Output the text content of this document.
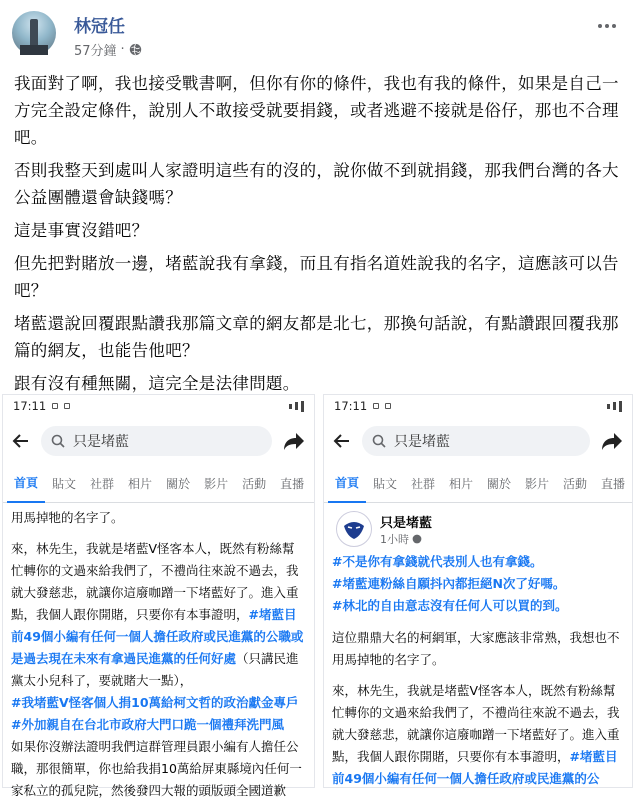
林冠任
57分鐘 ·

我面對了啊，我也接受戰書啊，但你有你的條件，我也有我的條件，如果是自己一方完全設定條件，說別人不敢接受就要捐錢，或者逃避不接就是俗仔，那也不合理吧。

否則我整天到處叫人家證明這些有的沒的，說你做不到就捐錢，那我們台灣的各大公益團體還會缺錢嗎？

這是事實沒錯吧？

但先把對賭放一邊，堵藍說我有拿錢，而且有指名道姓說我的名字，這應該可以告吧？

堵藍還說回覆跟點讚我那篇文章的網友都是北七，那換句話說，有點讚跟回覆我那篇的網友，也能告他吧？

跟有沒有種無關，這完全是法律問題。

17:11
只是堵藍
首頁	貼文	社群	相片	關於	影片	活動	直播

用馬掉牠的名字了。

來，林先生，我就是堵藍V怪客本人，既然有粉絲幫忙轉你的文過來給我們了，不禮尚往來說不過去，我就大發慈悲，就讓你這廢咖蹭一下堵藍好了。進入重點，我個人跟你開賭，只要你有本事證明，#堵藍目前49個小編有任何一個人擔任政府或民進黨的公職或是過去現在未來有拿過民進黨的任何好處（只講民進黨太小兒科了，要就賭大一點），
#我堵藍V怪客個人捐10萬給柯文哲的政治獻金專戶
#外加親自在台北市政府大門口跪一個禮拜洗門風
如果你沒辦法證明我們這群管理員跟小編有人擔任公職，那很簡單，你也給我捐10萬給屏東縣境內任何一家私立的孤兒院，然後發四大報的頭版頭全國道歉

17:11
只是堵藍
首頁	貼文	社群	相片	關於	影片	活動	直播
只是堵藍
1小時

#不是你有拿錢就代表別人也有拿錢。
#堵藍連粉絲自願抖內都拒絕N次了好嗎。
#林北的自由意志沒有任何人可以買的到。

這位鼎鼎大名的柯網軍，大家應該非常熟，我想也不用馬掉牠的名字了。

來，林先生，我就是堵藍V怪客本人，既然有粉絲幫忙轉你的文過來給我們了，不禮尚往來說不過去，我就大發慈悲，就讓你這廢咖蹭一下堵藍好了。進入重點，我個人跟你開賭，只要你有本事證明，#堵藍目前49個小編有任何一個人擔任政府或民進黨的公
